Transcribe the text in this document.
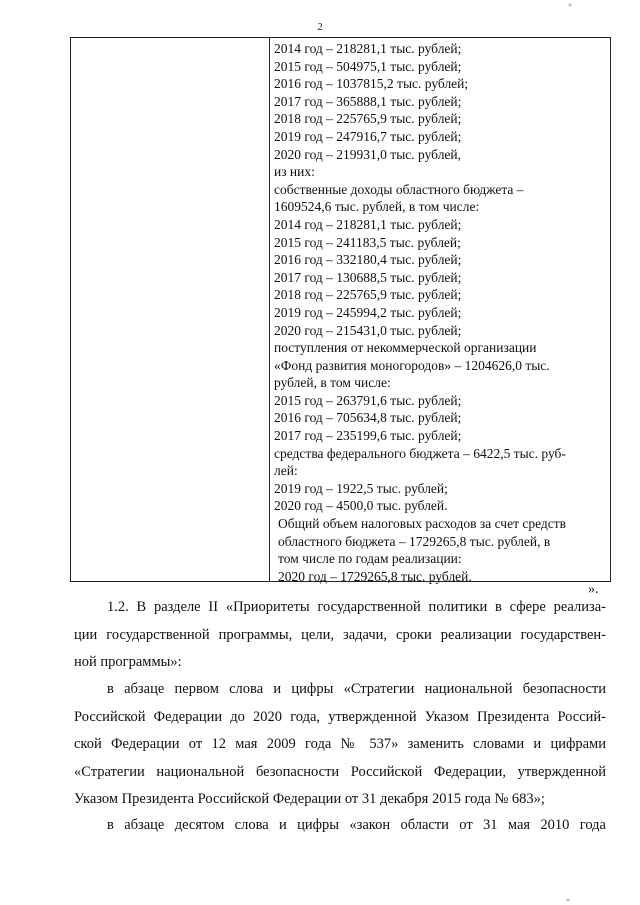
2
«
2014 год – 218281,1 тыс. рублей;
2015 год – 504975,1 тыс. рублей;
2016 год – 1037815,2 тыс. рублей;
2017 год – 365888,1 тыс. рублей;
2018 год – 225765,9 тыс. рублей;
2019 год – 247916,7 тыс. рублей;
2020 год – 219931,0 тыс. рублей,
из них:
собственные доходы областного бюджета –
1609524,6 тыс. рублей, в том числе:
2014 год – 218281,1 тыс. рублей;
2015 год – 241183,5 тыс. рублей;
2016 год – 332180,4 тыс. рублей;
2017 год – 130688,5 тыс. рублей;
2018 год – 225765,9 тыс. рублей;
2019 год – 245994,2 тыс. рублей;
2020 год – 215431,0 тыс. рублей;
поступления от некоммерческой организации
«Фонд развития моногородов» – 1204626,0 тыс.
рублей, в том числе:
2015 год – 263791,6 тыс. рублей;
2016 год – 705634,8 тыс. рублей;
2017 год – 235199,6 тыс. рублей;
средства федерального бюджета – 6422,5 тыс. руб-
лей:
2019 год – 1922,5 тыс. рублей;
2020 год – 4500,0 тыс. рублей.
Общий объем налоговых расходов за счет средств
областного бюджета – 1729265,8 тыс. рублей, в
том числе по годам реализации:
2020 год – 1729265,8 тыс. рублей.
».
1.2. В разделе II «Приоритеты государственной политики в сфере реализа-
ции государственной программы, цели, задачи, сроки реализации государствен-
ной программы»:
в абзаце первом слова и цифры «Стратегии национальной безопасности
Российской Федерации до 2020 года, утвержденной Указом Президента Россий-
ской Федерации от 12 мая 2009 года № 537» заменить словами и цифрами
«Стратегии национальной безопасности Российской Федерации, утвержденной
Указом Президента Российской Федерации от 31 декабря 2015 года № 683»;
в абзаце десятом слова и цифры «закон области от 31 мая 2010 года
«
